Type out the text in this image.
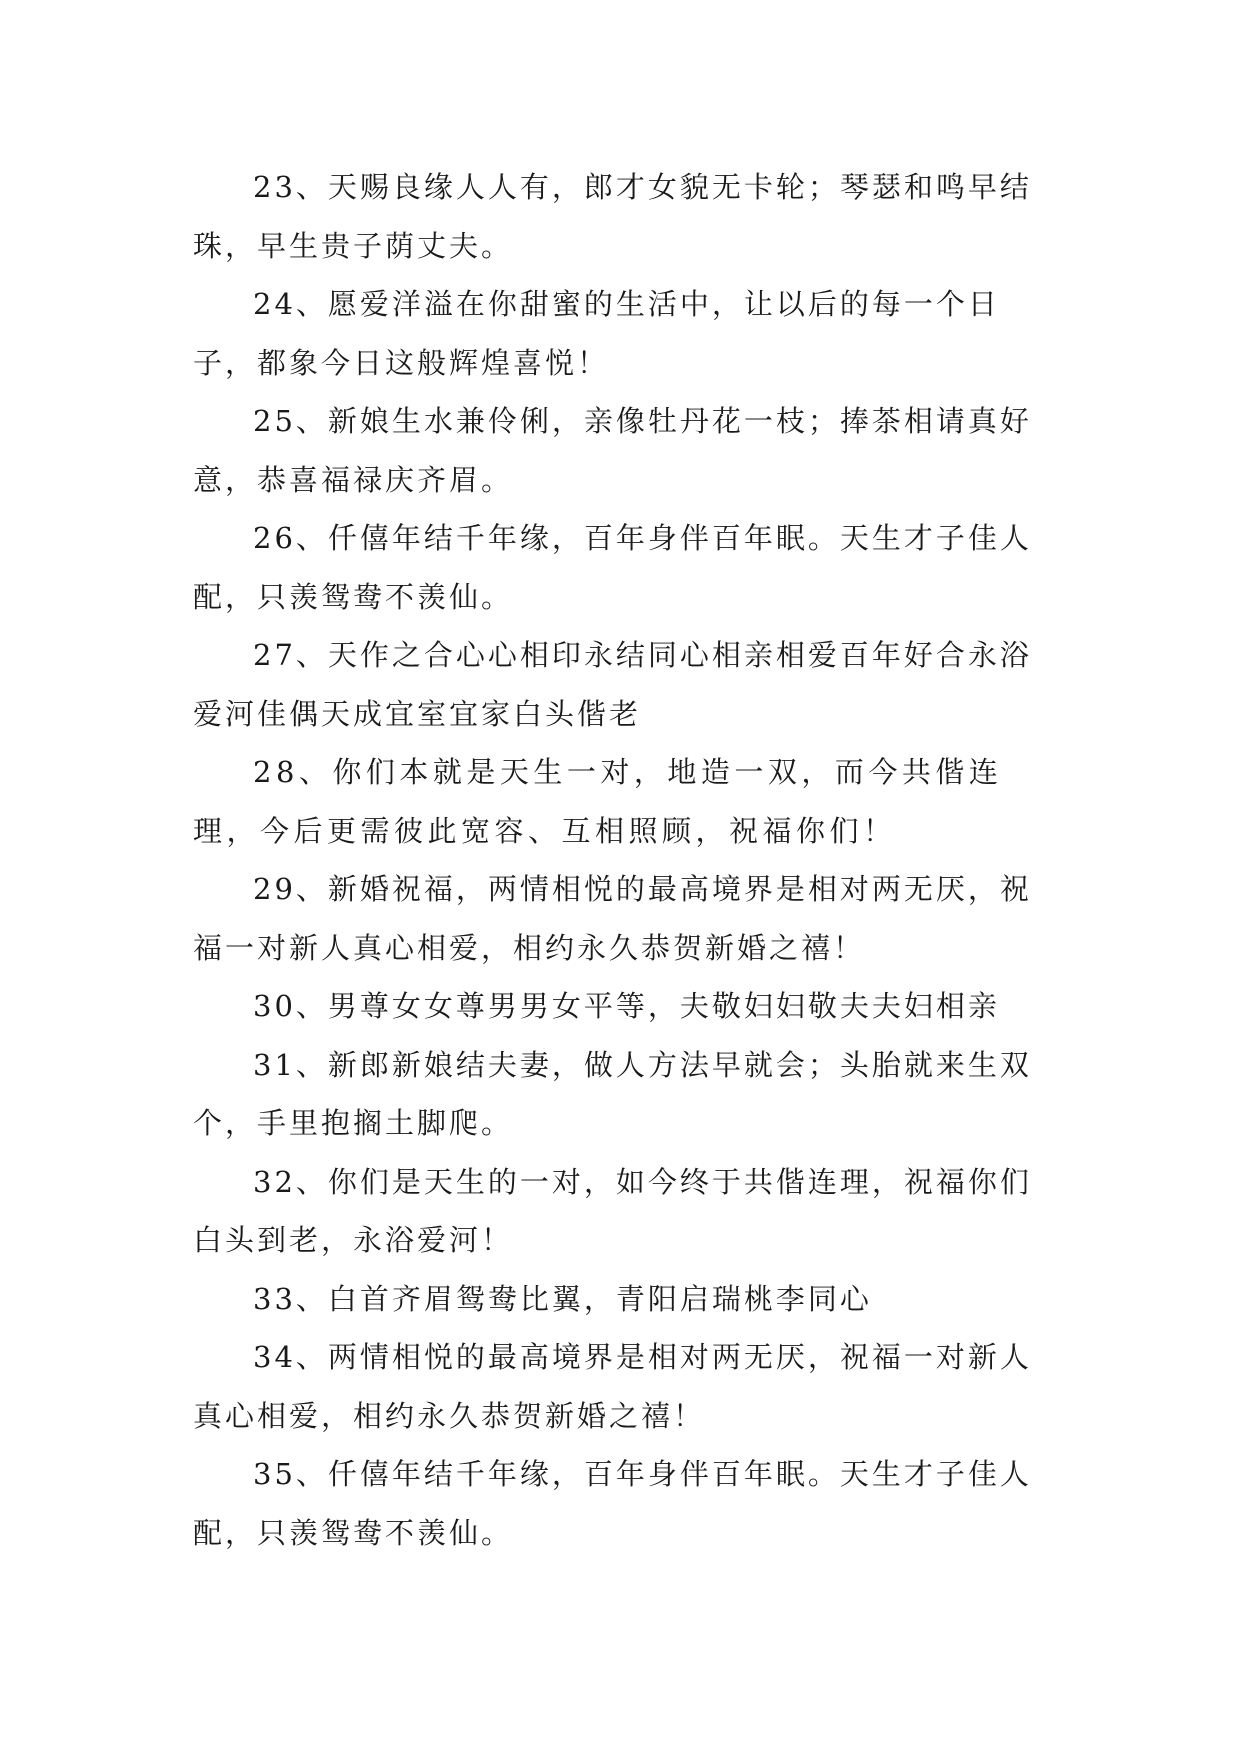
23、天赐良缘人人有，郎才女貌无卡轮；琴瑟和鸣早结珠，早生贵子荫丈夫。

24、愿爱洋溢在你甜蜜的生活中，让以后的每一个日子，都象今日这般辉煌喜悦！

25、新娘生水兼伶俐，亲像牡丹花一枝；捧茶相请真好意，恭喜福禄庆齐眉。

26、仟僖年结千年缘，百年身伴百年眠。天生才子佳人配，只羡鸳鸯不羡仙。

27、天作之合心心相印永结同心相亲相爱百年好合永浴爱河佳偶天成宜室宜家白头偕老

28、你们本就是天生一对，地造一双，而今共偕连理，今后更需彼此宽容、互相照顾，祝福你们！

29、新婚祝福，两情相悦的最高境界是相对两无厌，祝福一对新人真心相爱，相约永久恭贺新婚之禧！

30、男尊女女尊男男女平等，夫敬妇妇敬夫夫妇相亲

31、新郎新娘结夫妻，做人方法早就会；头胎就来生双个，手里抱搁土脚爬。

32、你们是天生的一对，如今终于共偕连理，祝福你们白头到老，永浴爱河！

33、白首齐眉鸳鸯比翼，青阳启瑞桃李同心

34、两情相悦的最高境界是相对两无厌，祝福一对新人真心相爱，相约永久恭贺新婚之禧！

35、仟僖年结千年缘，百年身伴百年眠。天生才子佳人配，只羡鸳鸯不羡仙。
